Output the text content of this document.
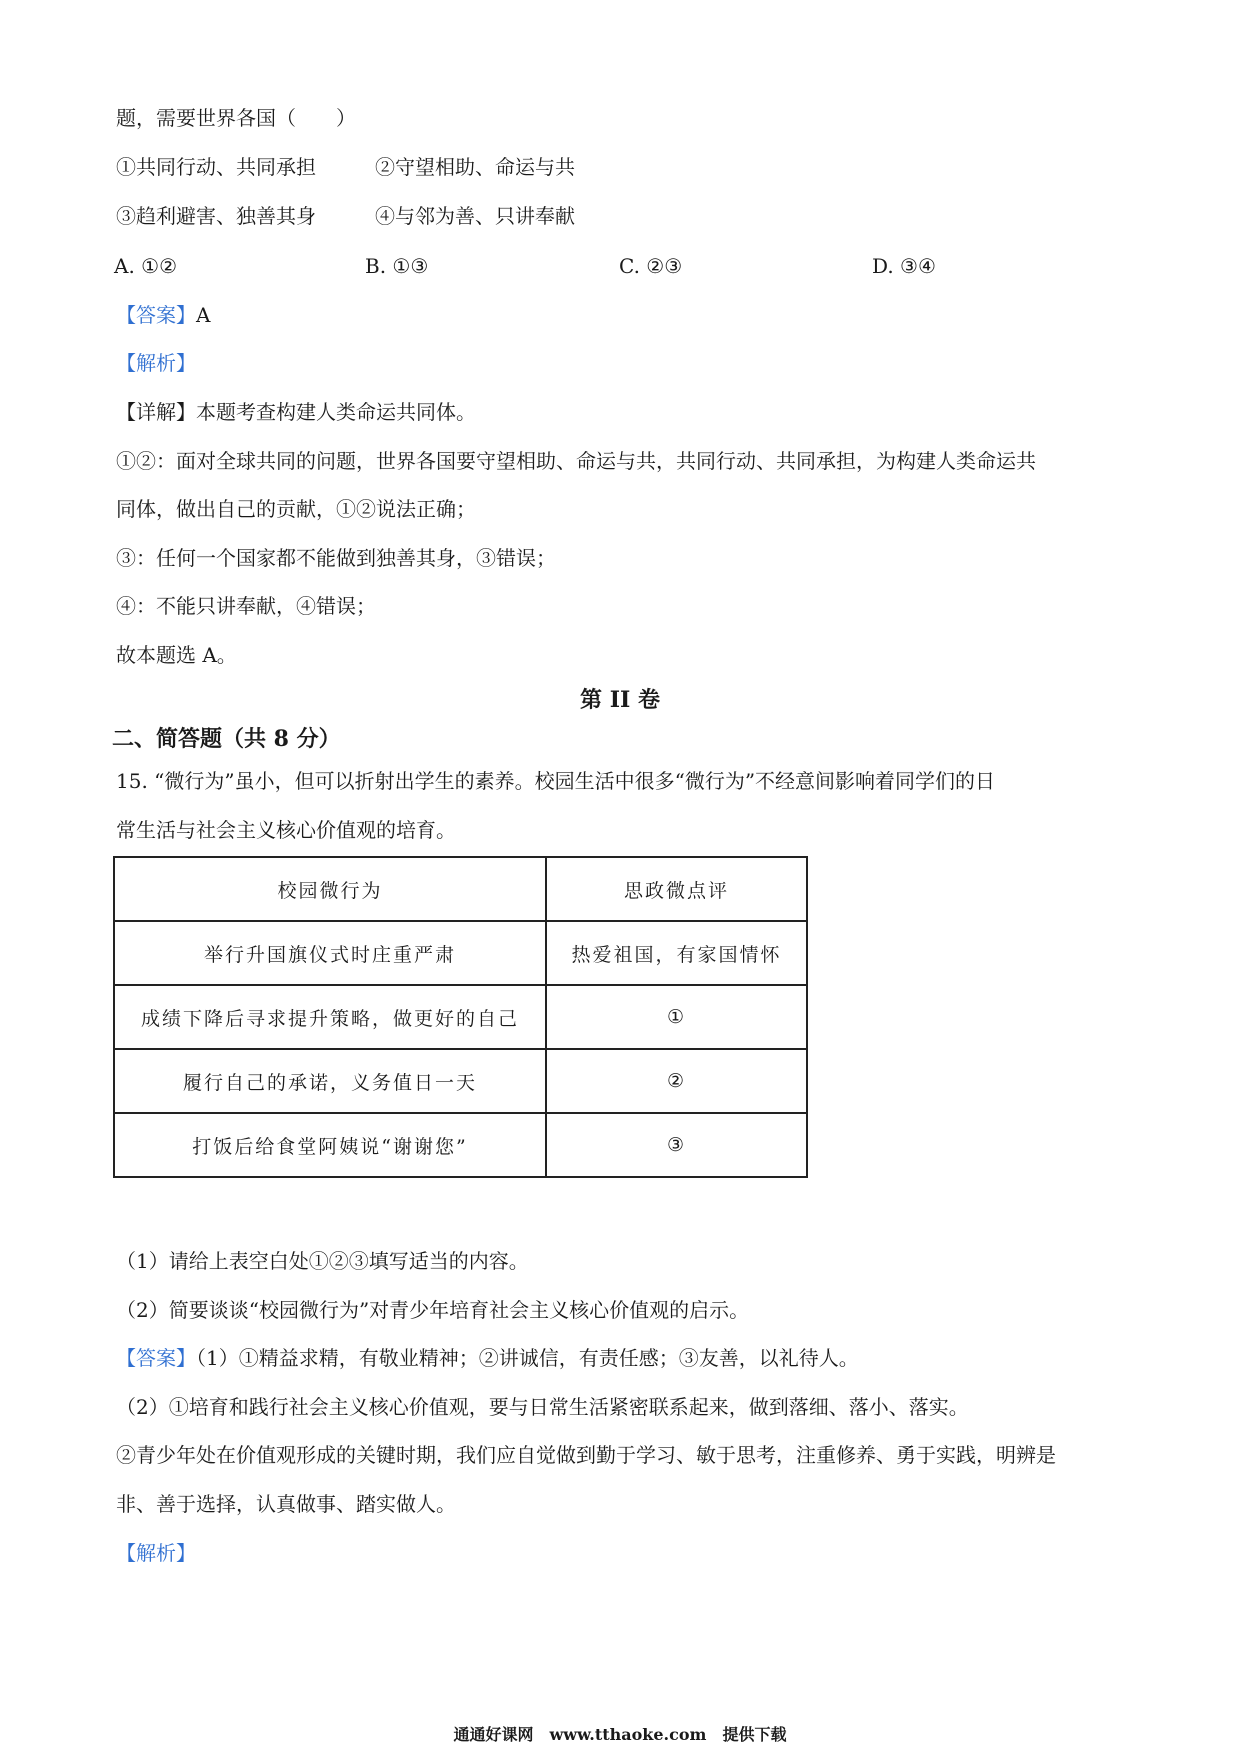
题，需要世界各国（　　）
①共同行动、共同承担	②守望相助、命运与共
③趋利避害、独善其身	④与邻为善、只讲奉献
A. ①②	B. ①③	C. ②③	D. ③④
【答案】A
【解析】
【详解】本题考查构建人类命运共同体。
①②：面对全球共同的问题，世界各国要守望相助、命运与共，共同行动、共同承担，为构建人类命运共
同体，做出自己的贡献，①②说法正确；
③：任何一个国家都不能做到独善其身，③错误；
④：不能只讲奉献，④错误；
故本题选 A。
第 II 卷
二、简答题（共 8 分）
15. “微行为”虽小，但可以折射出学生的素养。校园生活中很多“微行为”不经意间影响着同学们的日
常生活与社会主义核心价值观的培育。
校园微行为	思政微点评
举行升国旗仪式时庄重严肃	热爱祖国，有家国情怀
成绩下降后寻求提升策略，做更好的自己	①
履行自己的承诺，义务值日一天	②
打饭后给食堂阿姨说“谢谢您”	③
（1）请给上表空白处①②③填写适当的内容。
（2）简要谈谈“校园微行为”对青少年培育社会主义核心价值观的启示。
【答案】（1）①精益求精，有敬业精神；②讲诚信，有责任感；③友善，以礼待人。
（2）①培育和践行社会主义核心价值观，要与日常生活紧密联系起来，做到落细、落小、落实。
②青少年处在价值观形成的关键时期，我们应自觉做到勤于学习、敏于思考，注重修养、勇于实践，明辨是
非、善于选择，认真做事、踏实做人。
【解析】
通通好课网　www.tthaoke.com　提供下载
